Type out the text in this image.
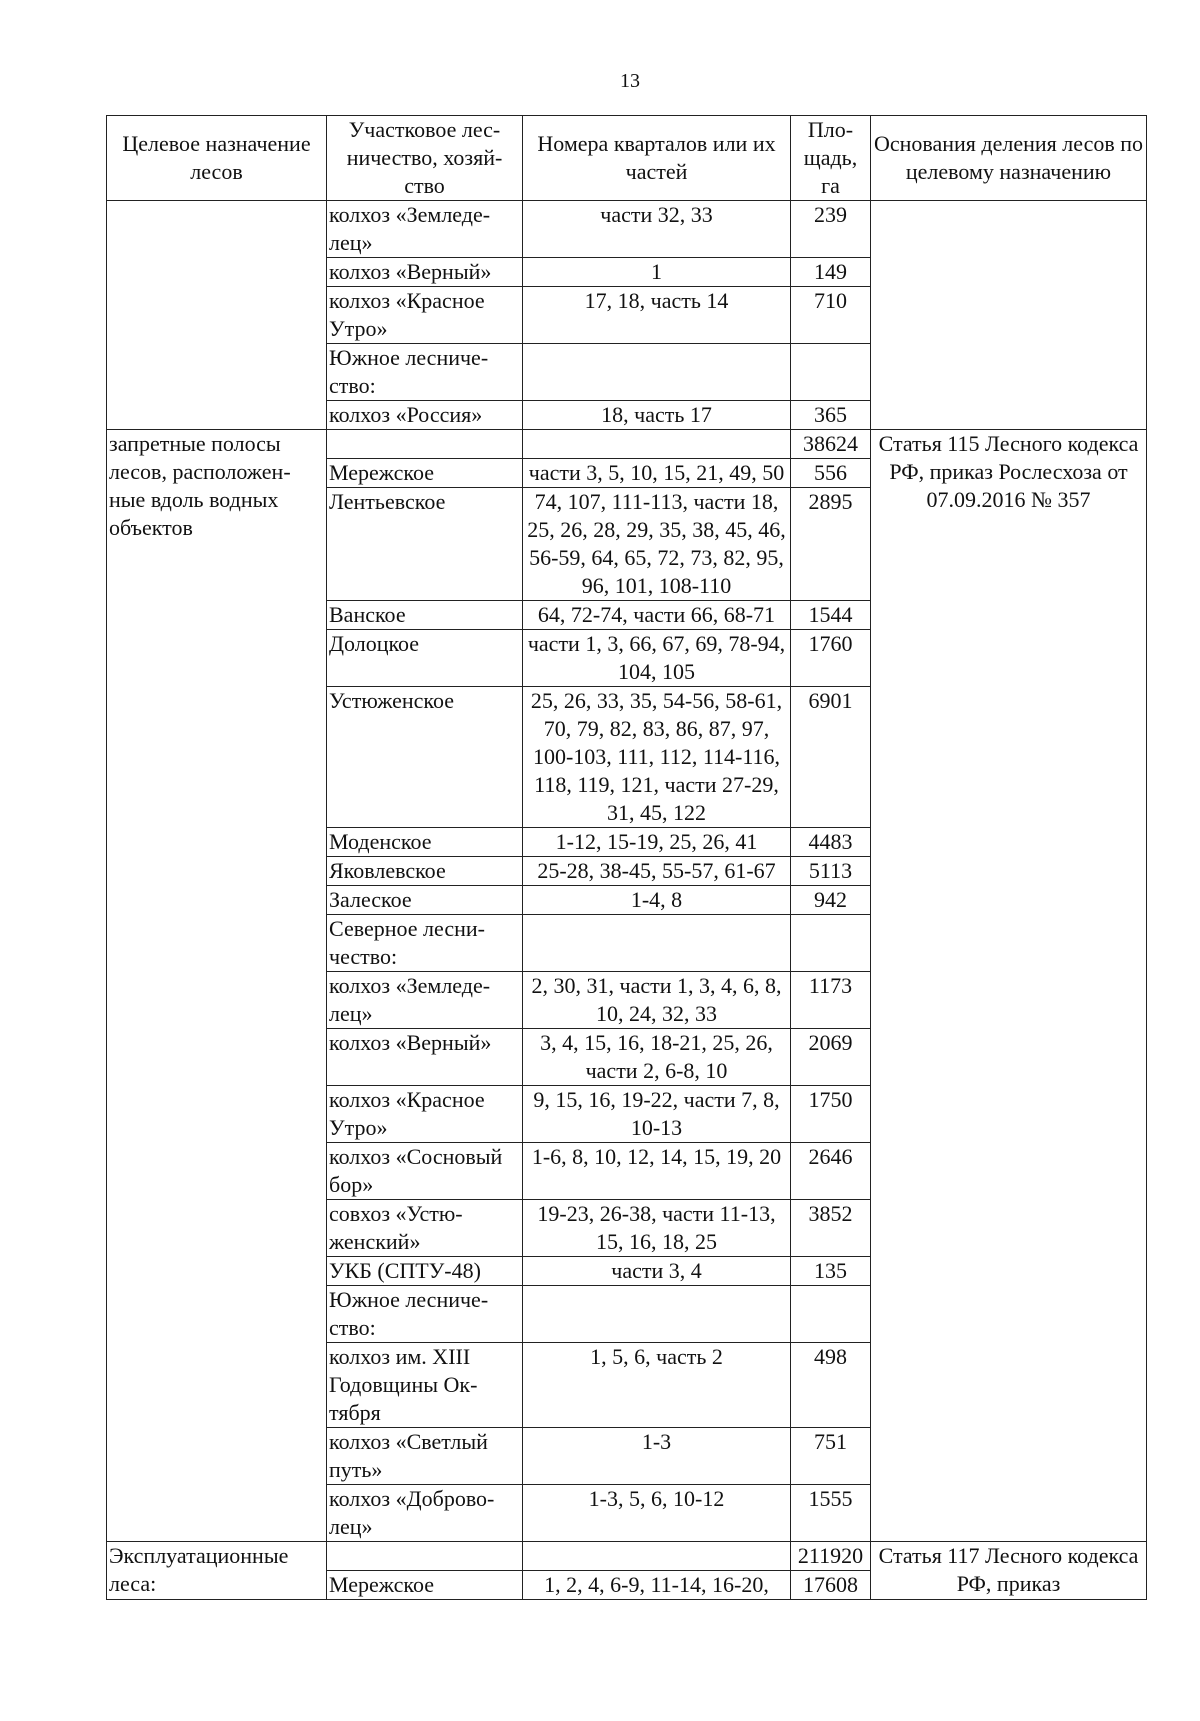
13
Целевое назначение лесов	Участковое лес-ничество, хозяй-ство	Номера кварталов или их частей	Пло-щадь, га	Основания деления лесов по целевому назначению
	колхоз «Земледе-лец»	части 32, 33	239	
	колхоз «Верный»	1	149	
	колхоз «Красное Утро»	17, 18, часть 14	710	
	Южное лесниче-ство:			
	колхоз «Россия»	18, часть 17	365	
запретные полосы лесов, расположен-ные вдоль водных объектов			38624	Статья 115 Лесного кодекса РФ, приказ Рослесхоза от 07.09.2016 № 357
	Мережское	части 3, 5, 10, 15, 21, 49, 50	556	
	Лентьевское	74, 107, 111-113, части 18, 25, 26, 28, 29, 35, 38, 45, 46, 56-59, 64, 65, 72, 73, 82, 95, 96, 101, 108-110	2895	
	Ванское	64, 72-74, части 66, 68-71	1544	
	Долоцкое	части 1, 3, 66, 67, 69, 78-94, 104, 105	1760	
	Устюженское	25, 26, 33, 35, 54-56, 58-61, 70, 79, 82, 83, 86, 87, 97, 100-103, 111, 112, 114-116, 118, 119, 121, части 27-29, 31, 45, 122	6901	
	Моденское	1-12, 15-19, 25, 26, 41	4483	
	Яковлевское	25-28, 38-45, 55-57, 61-67	5113	
	Залеское	1-4, 8	942	
	Северное лесни-чество:			
	колхоз «Земледе-лец»	2, 30, 31, части 1, 3, 4, 6, 8, 10, 24, 32, 33	1173	
	колхоз «Верный»	3, 4, 15, 16, 18-21, 25, 26, части 2, 6-8, 10	2069	
	колхоз «Красное Утро»	9, 15, 16, 19-22, части 7, 8, 10-13	1750	
	колхоз «Сосновый бор»	1-6, 8, 10, 12, 14, 15, 19, 20	2646	
	совхоз «Устю-женский»	19-23, 26-38, части 11-13, 15, 16, 18, 25	3852	
	УКБ (СПТУ-48)	части 3, 4	135	
	Южное лесниче-ство:			
	колхоз им. XIII Годовщины Ок-тября	1, 5, 6, часть 2	498	
	колхоз «Светлый путь»	1-3	751	
	колхоз «Доброво-лец»	1-3, 5, 6, 10-12	1555	
Эксплуатационные леса:			211920	Статья 117 Лесного кодекса РФ, приказ
	Мережское	1, 2, 4, 6-9, 11-14, 16-20,	17608	
